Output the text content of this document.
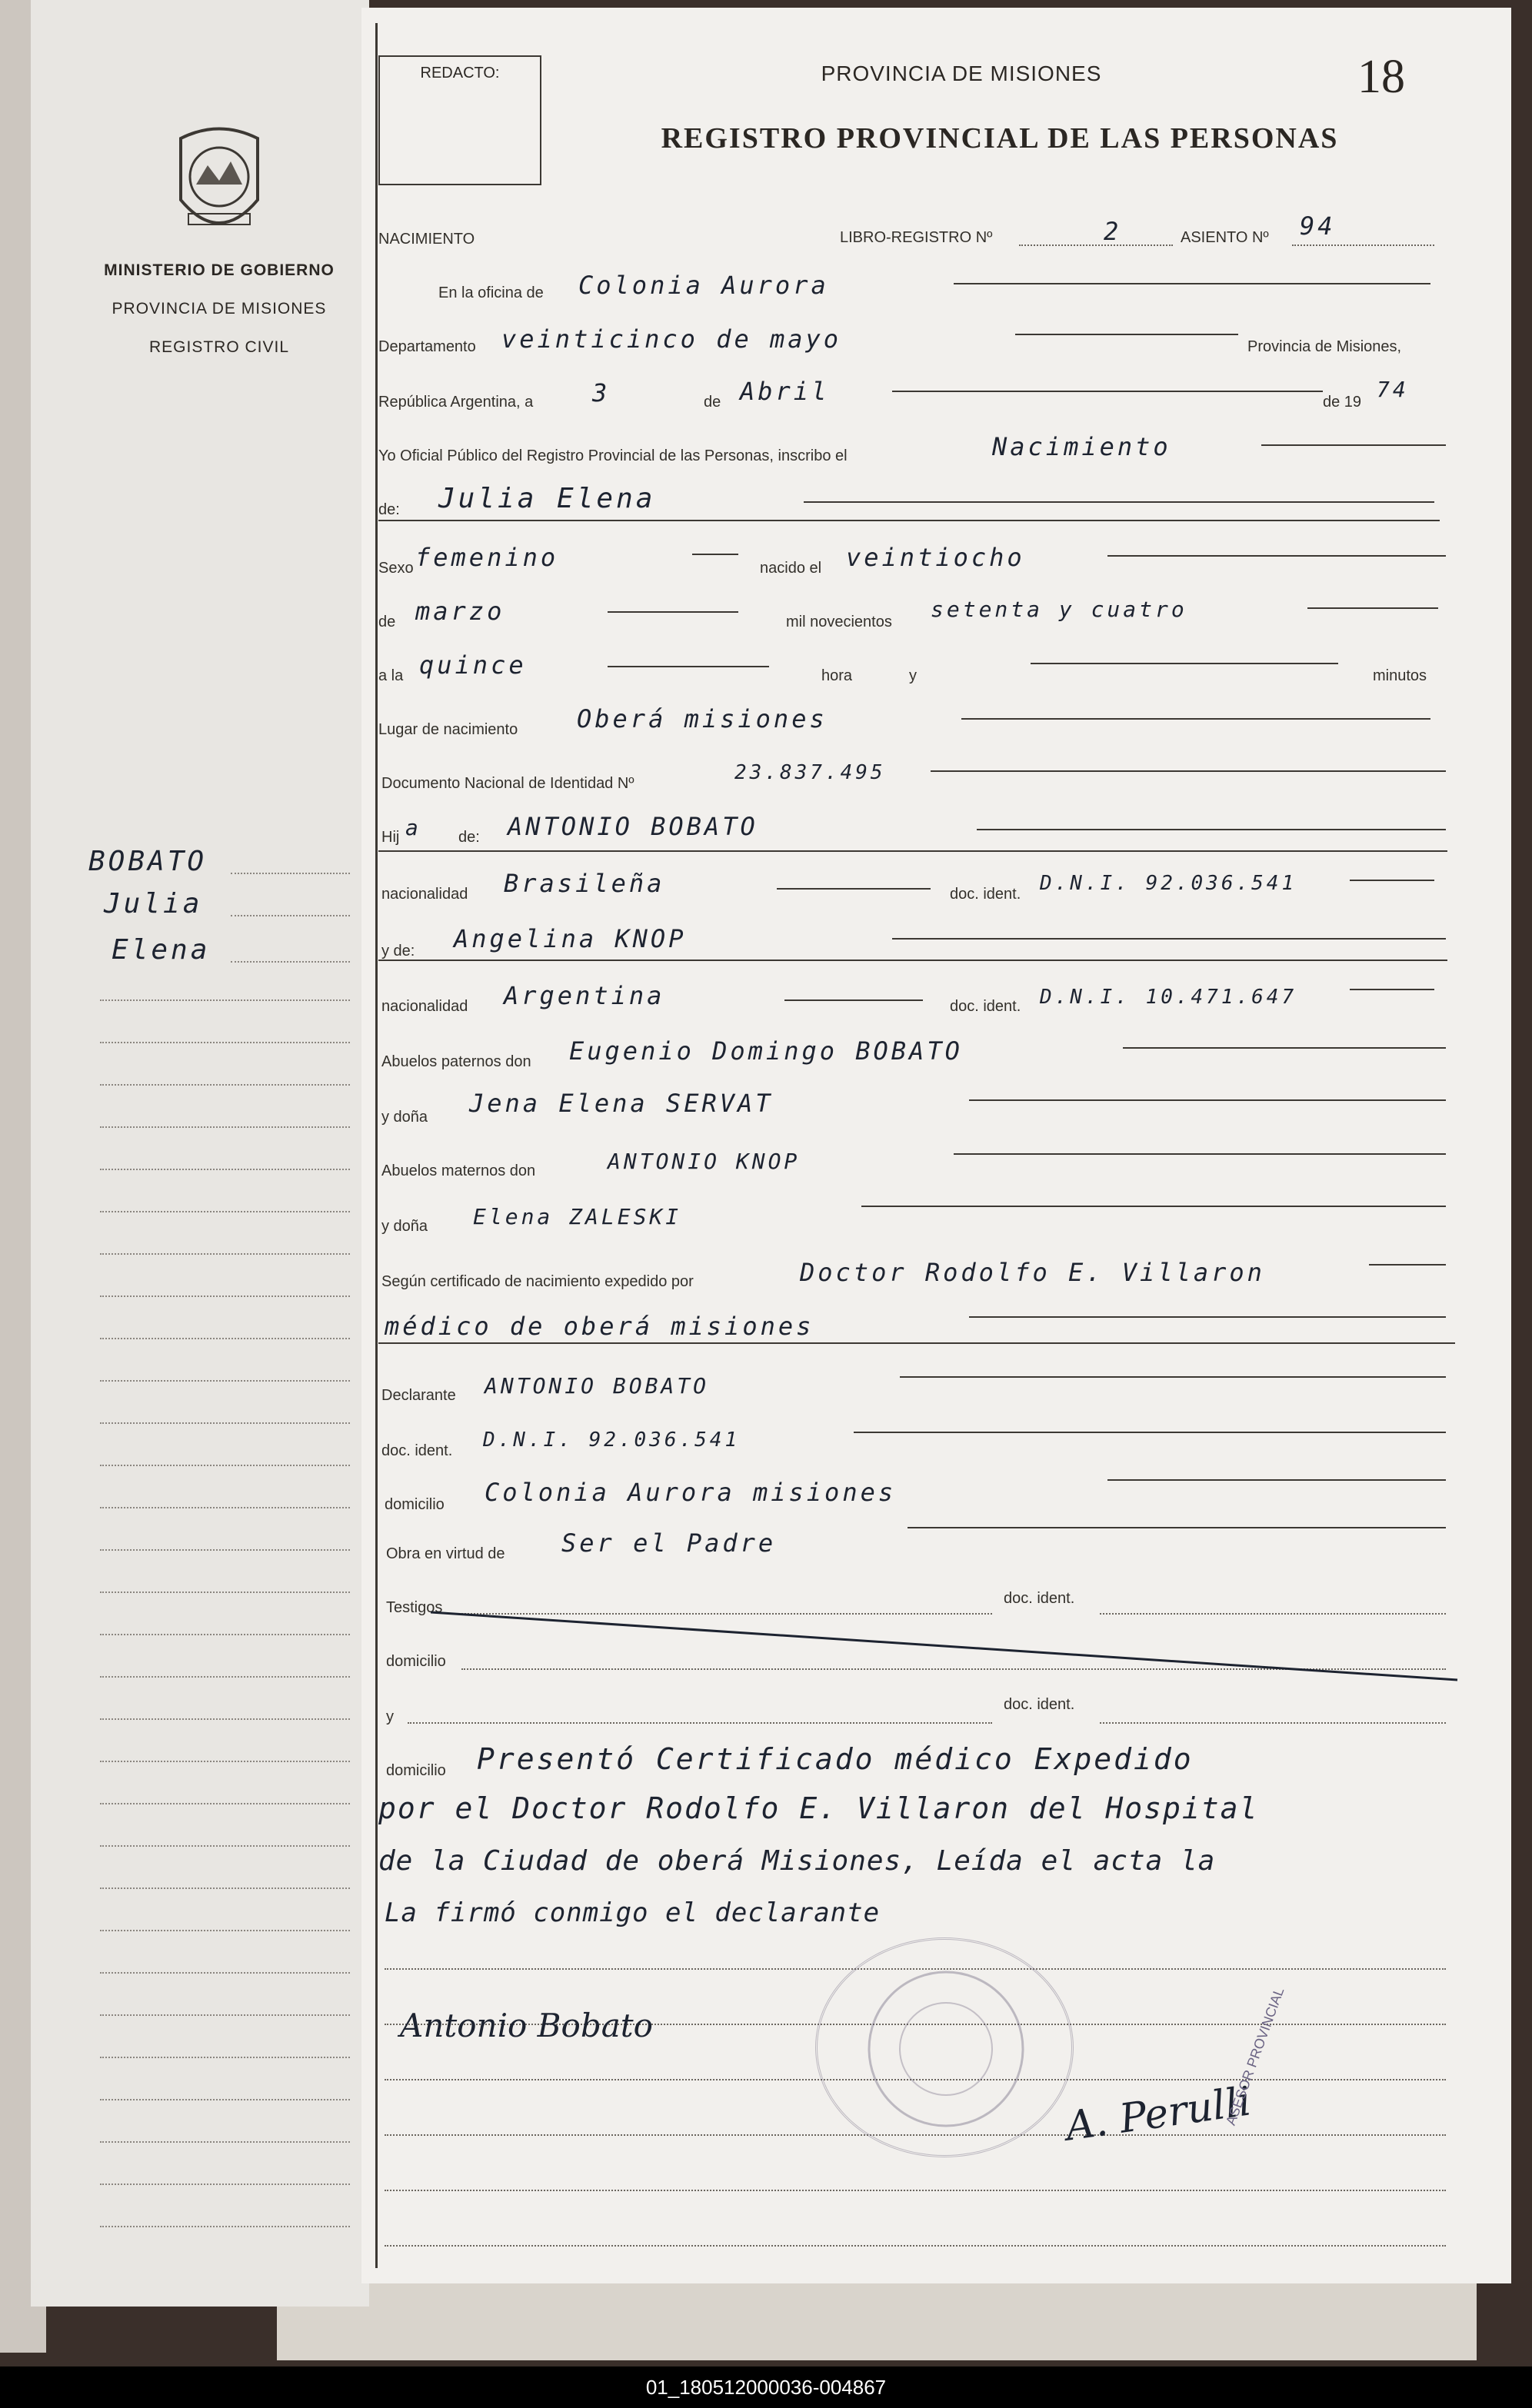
MINISTERIO DE GOBIERNO
PROVINCIA DE MISIONES
REGISTRO CIVIL
BOBATO
Julia
Elena
REDACTO:	PROVINCIA DE MISIONES
REGISTRO PROVINCIAL DE LAS PERSONAS
18
NACIMIENTO	LIBRO-REGISTRO Nº	2	ASIENTO Nº 94
En la oficina de Colonia Aurora
Departamento veinticinco de mayo	Provincia de Misiones,
República Argentina, a 3	de Abril	de 19 74
Yo Oficial Público del Registro Provincial de las Personas, inscribo el	Nacimiento
de: Julia Elena
Sexo femenino	nacido el veintiocho
de marzo	mil novecientos setenta y cuatro
a la quince	hora	y	minutos
Lugar de nacimiento Oberá misiones
Documento Nacional de Identidad Nº	23.837.495
Hij a de: ANTONIO BOBATO
nacionalidad Brasileña	doc. ident. D.N.I. 92.036.541
y de: Angelina KNOP
nacionalidad Argentina	doc. ident. D.N.I. 10.471.647
Abuelos paternos don Eugenio Domingo BOBATO
y doña Jena Elena SERVAT
Abuelos maternos don	ANTONIO KNOP
y doña Elena ZALESKI
Según certificado de nacimiento expedido por	Doctor Rodolfo E. Villaron
médico de oberá misiones
Declarante ANTONIO BOBATO
doc. ident. D.N.I. 92.036.541
domicilio Colonia Aurora misiones
Obra en virtud de Ser el Padre
Testigos
doc. ident.
domicilio
y
doc. ident.
domicilio Presentó Certificado médico Expedido
por el Doctor Rodolfo E. Villaron del Hospital
de la Ciudad de oberá Misiones, Leída el acta la
La firmó conmigo el declarante
Antonio Bobato
A. Perulli
ASESOR PROVINCIAL
01_180512000036-004867
